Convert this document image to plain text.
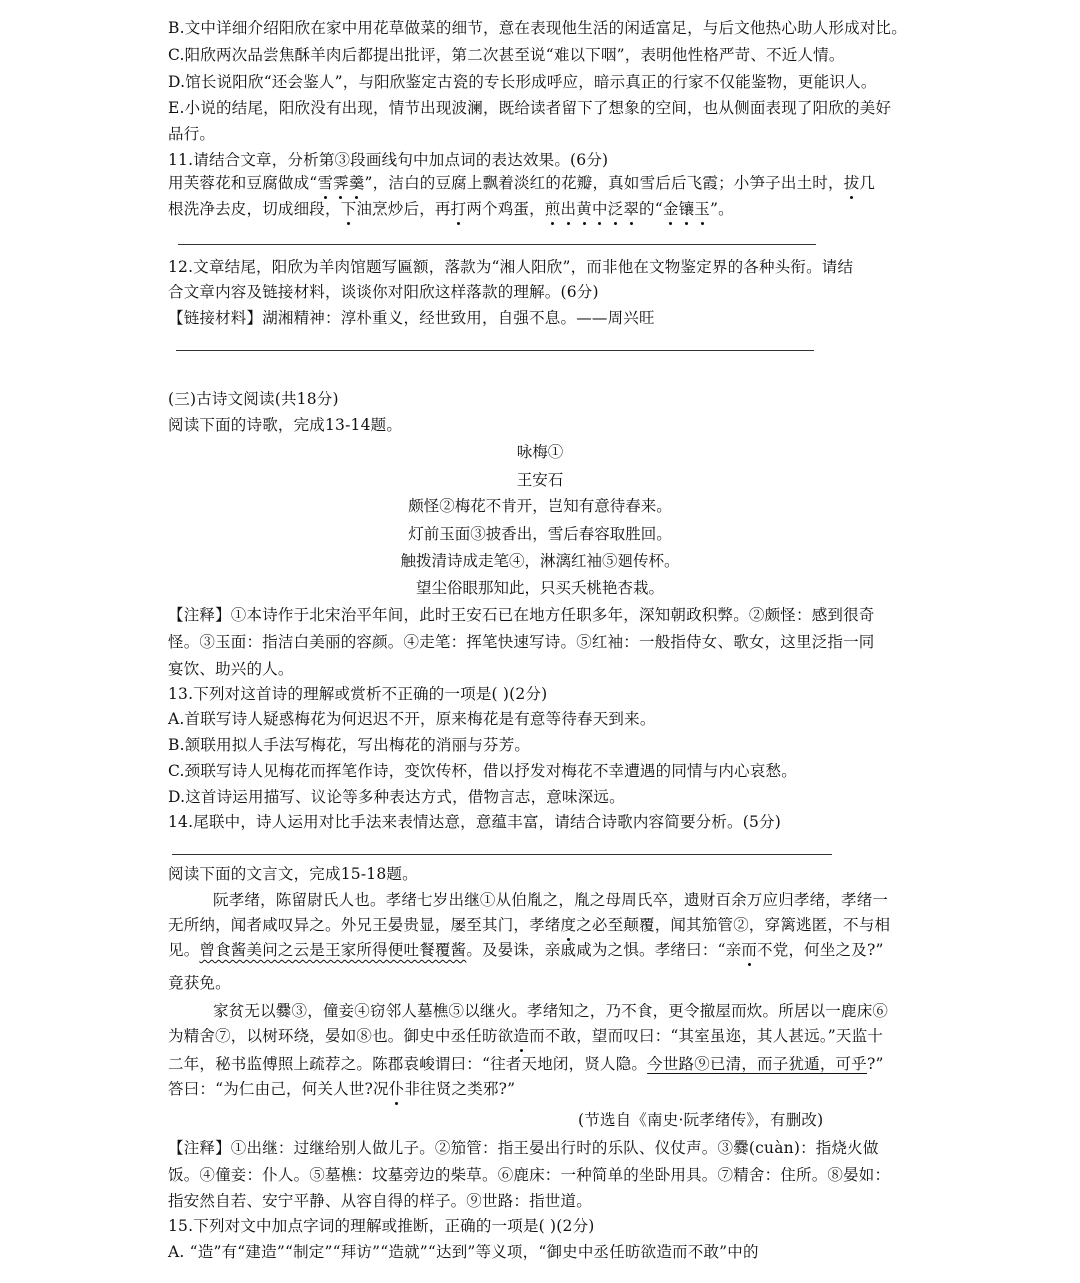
B.文中详细介绍阳欣在家中用花草做菜的细节，意在表现他生活的闲适富足，与后文他热心助人形成对比。
C.阳欣两次品尝焦酥羊肉后都提出批评，第二次甚至说“难以下咽”，表明他性格严苛、不近人情。
D.馆长说阳欣“还会鉴人”，与阳欣鉴定古瓷的专长形成呼应，暗示真正的行家不仅能鉴物，更能识人。
E.小说的结尾，阳欣没有出现，情节出现波澜，既给读者留下了想象的空间，也从侧面表现了阳欣的美好
品行。
11.请结合文章，分析第③段画线句中加点词的表达效果。(6分)
用芙蓉花和豆腐做成“雪霁羹”，洁白的豆腐上飘着淡红的花瓣，真如雪后后飞霞；小笋子出土时，拔几
根洗净去皮，切成细段，下油烹炒后，再打两个鸡蛋，煎出黄中泛翠的“金镶玉”。
12.文章结尾，阳欣为羊肉馆题写匾额，落款为“湘人阳欣”，而非他在文物鉴定界的各种头衔。请结
合文章内容及链接材料，谈谈你对阳欣这样落款的理解。(6分)
【链接材料】湖湘精神：淳朴重义，经世致用，自强不息。——周兴旺
(三)古诗文阅读(共18分)
阅读下面的诗歌，完成13-14题。
咏梅①
王安石
颇怪②梅花不肯开，岂知有意待春来。
灯前玉面③披香出，雪后春容取胜回。
触拨清诗成走笔④，淋漓红袖⑤廻传杯。
望尘俗眼那知此，只买夭桃艳杏栽。
【注释】①本诗作于北宋治平年间，此时王安石已在地方任职多年，深知朝政积弊。②颇怪：感到很奇
怪。③玉面：指洁白美丽的容颜。④走笔：挥笔快速写诗。⑤红袖：一般指侍女、歌女，这里泛指一同
宴饮、助兴的人。
13.下列对这首诗的理解或赏析不正确的一项是( )(2分)
A.首联写诗人疑惑梅花为何迟迟不开，原来梅花是有意等待春天到来。
B.颔联用拟人手法写梅花，写出梅花的消丽与芬芳。
C.颈联写诗人见梅花而挥笔作诗，变饮传杯，借以抒发对梅花不幸遭遇的同情与内心哀愁。
D.这首诗运用描写、议论等多种表达方式，借物言志，意味深远。
14.尾联中，诗人运用对比手法来表情达意，意蕴丰富，请结合诗歌内容简要分析。(5分)
阅读下面的文言文，完成15-18题。
阮孝绪，陈留尉氏人也。孝绪七岁出继①从伯胤之，胤之母周氏卒，遗财百余万应归孝绪，孝绪一
无所纳，闻者咸叹异之。外兄王晏贵显，屡至其门，孝绪度之必至颠覆，闻其笳管②，穿篱逃匿，不与相
见。曾食酱美问之云是王家所得便吐餐覆酱。及晏诛，亲戚咸为之惧。孝绪曰：“亲而不党，何坐之及?”
竟获免。
家贫无以爨③，僮妾④窃邻人墓樵⑤以继火。孝绪知之，乃不食，更令撤屋而炊。所居以一鹿床⑥
为精舍⑦，以树环绕，晏如⑧也。御史中丞任昉欲造而不敢，望而叹曰：“其室虽迩，其人甚远。”天监十
二年，秘书监傅照上疏荐之。陈郡袁峻谓曰：“往者天地闭，贤人隐。今世路⑨已清，而子犹遁，可乎?”
答曰：“为仁由己，何关人世?况仆非往贤之类邪?”
(节选自《南史·阮孝绪传》，有删改)
【注释】①出继：过继给别人做儿子。②笳管：指王晏出行时的乐队、仪仗声。③爨(cuàn)：指烧火做
饭。④僮妾：仆人。⑤墓樵：坟墓旁边的柴草。⑥鹿床：一种简单的坐卧用具。⑦精舍：住所。⑧晏如：
指安然自若、安宁平静、从容自得的样子。⑨世路：指世道。
15.下列对文中加点字词的理解或推断，正确的一项是( )(2分)
A. “造”有“建造”“制定”“拜访”“造就”“达到”等义项，“御史中丞任昉欲造而不敢”中的
